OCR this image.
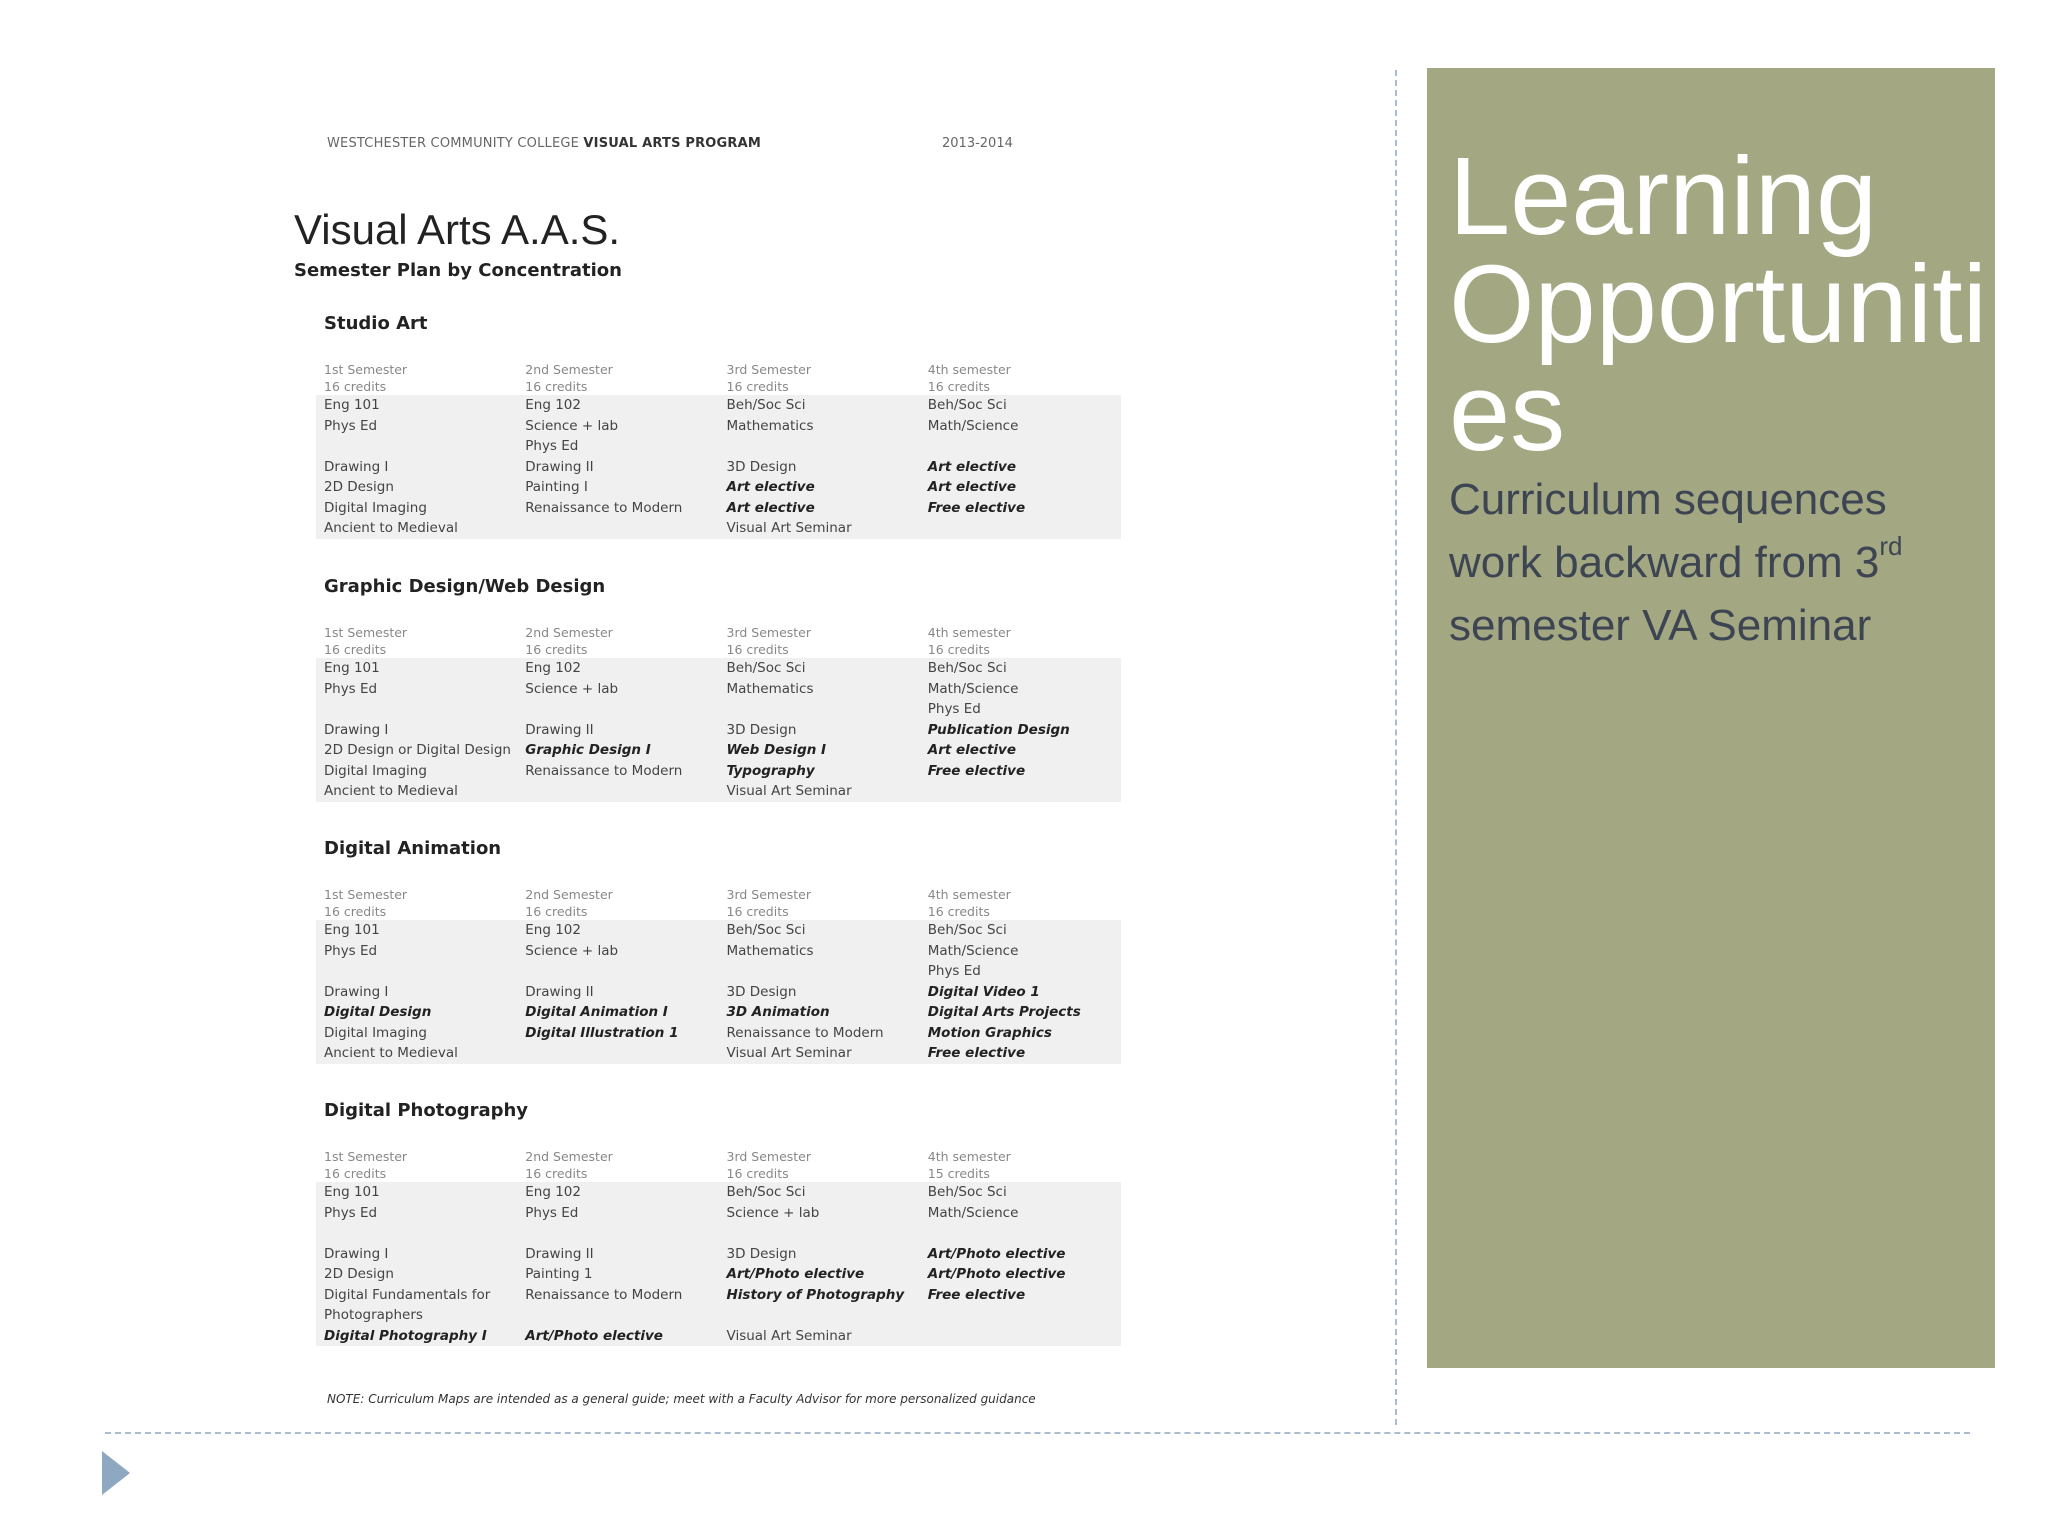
Learning Opportunities
Curriculum sequences
work backward from 3rd
semester VA Seminar
WESTCHESTER COMMUNITY COLLEGE VISUAL ARTS PROGRAM	2013-2014
Visual Arts A.A.S.
Semester Plan by Concentration
Studio Art
1st Semester	2nd Semester	3rd Semester	4th semester
16 credits	16 credits	16 credits	16 credits
Eng 101	Eng 102	Beh/Soc Sci	Beh/Soc Sci
Phys Ed	Science + lab	Mathematics	Math/Science
	Phys Ed		
Drawing I	Drawing II	3D Design	Art elective
2D Design	Painting I	Art elective	Art elective
Digital Imaging	Renaissance to Modern	Art elective	Free elective
Ancient to Medieval		Visual Art Seminar	
Graphic Design/Web Design
1st Semester	2nd Semester	3rd Semester	4th semester
16 credits	16 credits	16 credits	16 credits
Eng 101	Eng 102	Beh/Soc Sci	Beh/Soc Sci
Phys Ed	Science + lab	Mathematics	Math/Science
			Phys Ed
Drawing I	Drawing II	3D Design	Publication Design
2D Design or Digital Design	Graphic Design I	Web Design I	Art elective
Digital Imaging	Renaissance to Modern	Typography	Free elective
Ancient to Medieval		Visual Art Seminar	
Digital Animation
1st Semester	2nd Semester	3rd Semester	4th semester
16 credits	16 credits	16 credits	16 credits
Eng 101	Eng 102	Beh/Soc Sci	Beh/Soc Sci
Phys Ed	Science + lab	Mathematics	Math/Science
			Phys Ed
Drawing I	Drawing II	3D Design	Digital Video 1
Digital Design	Digital Animation I	3D Animation	Digital Arts Projects
Digital Imaging	Digital Illustration 1	Renaissance to Modern	Motion Graphics
Ancient to Medieval		Visual Art Seminar	Free elective
Digital Photography
1st Semester	2nd Semester	3rd Semester	4th semester
16 credits	16 credits	16 credits	15 credits
Eng 101	Eng 102	Beh/Soc Sci	Beh/Soc Sci
Phys Ed	Phys Ed	Science + lab	Math/Science

Drawing I	Drawing II	3D Design	Art/Photo elective
2D Design	Painting 1	Art/Photo elective	Art/Photo elective
Digital Fundamentals for	Renaissance to Modern	History of Photography	Free elective
Photographers			
Digital Photography I	Art/Photo elective	Visual Art Seminar	
NOTE: Curriculum Maps are intended as a general guide; meet with a Faculty Advisor for more personalized guidance
